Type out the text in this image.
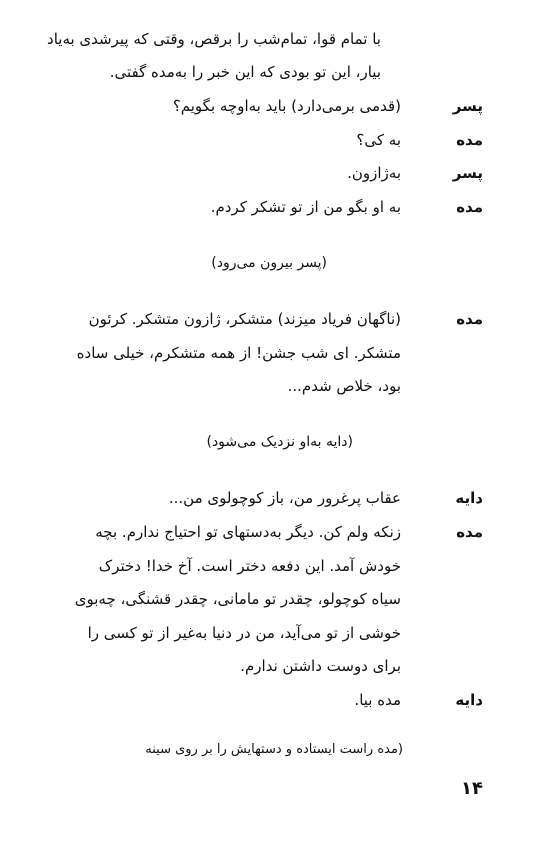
با تمام قوا، تمام‌شب را برقص، وقتی که پیرشدی به‌یاد
بیار، این تو بودی که این خبر را به‌مده گفتی.
پسر
(قدمی برمی‌دارد) باید به‌اوچه بگویم؟
مده
به کی؟
پسر
به‌ژازون.
مده
به او بگو من از تو تشکر کردم.
(پسر بیرون می‌رود)
مده
(ناگهان فریاد میزند) متشکر، ژازون متشکر. کرئون
متشکر. ای شب جشن! از همه متشکرم، خیلی ساده
بود، خلاص شدم...
(دایه به‌او نزدیک می‌شود)
دایه
عقاب پرغرور من، باز کوچولوی من...
مده
زنکه ولم کن. دیگر به‌دستهای تو احتیاج ندارم. بچه
خودش آمد. این دفعه دختر است. آخ خدا! دخترک
سیاه کوچولو، چقدر تو مامانی، چقدر قشنگی، چه‌بوی
خوشی از تو می‌آید، من در دنیا به‌غیر از تو کسی را
برای دوست داشتن ندارم.
دایه
مده بیا.
(مده راست ایستاده و دستهایش را بر روی سینه
۱۴
